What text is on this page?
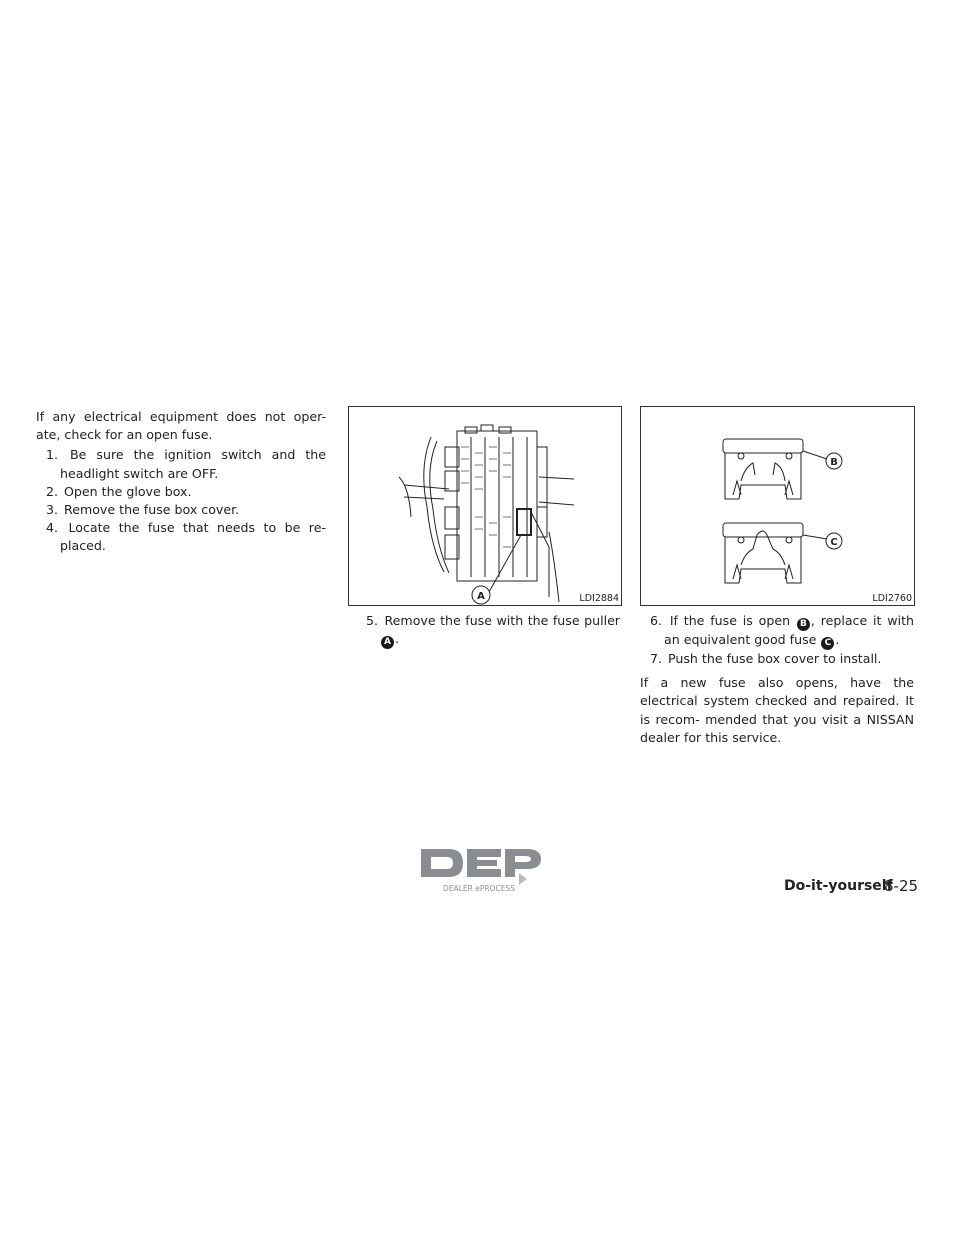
If any electrical equipment does not oper- ate, check for an open fuse.

1. Be sure the ignition switch and the headlight switch are OFF.

2. Open the glove box.

3. Remove the fuse box cover.

4. Locate the fuse that needs to be re- placed.

A	LDI2884
B
C
LDI2760

5. Remove the fuse with the fuse puller A .

6. If the fuse is open B , replace it with an equivalent good fuse C .

7. Push the fuse box cover to install.

If a new fuse also opens, have the electrical system checked and repaired. It is recom- mended that you visit a NISSAN dealer for this service.

DEALER ePROCESS	Do-it-yourself
8-25
